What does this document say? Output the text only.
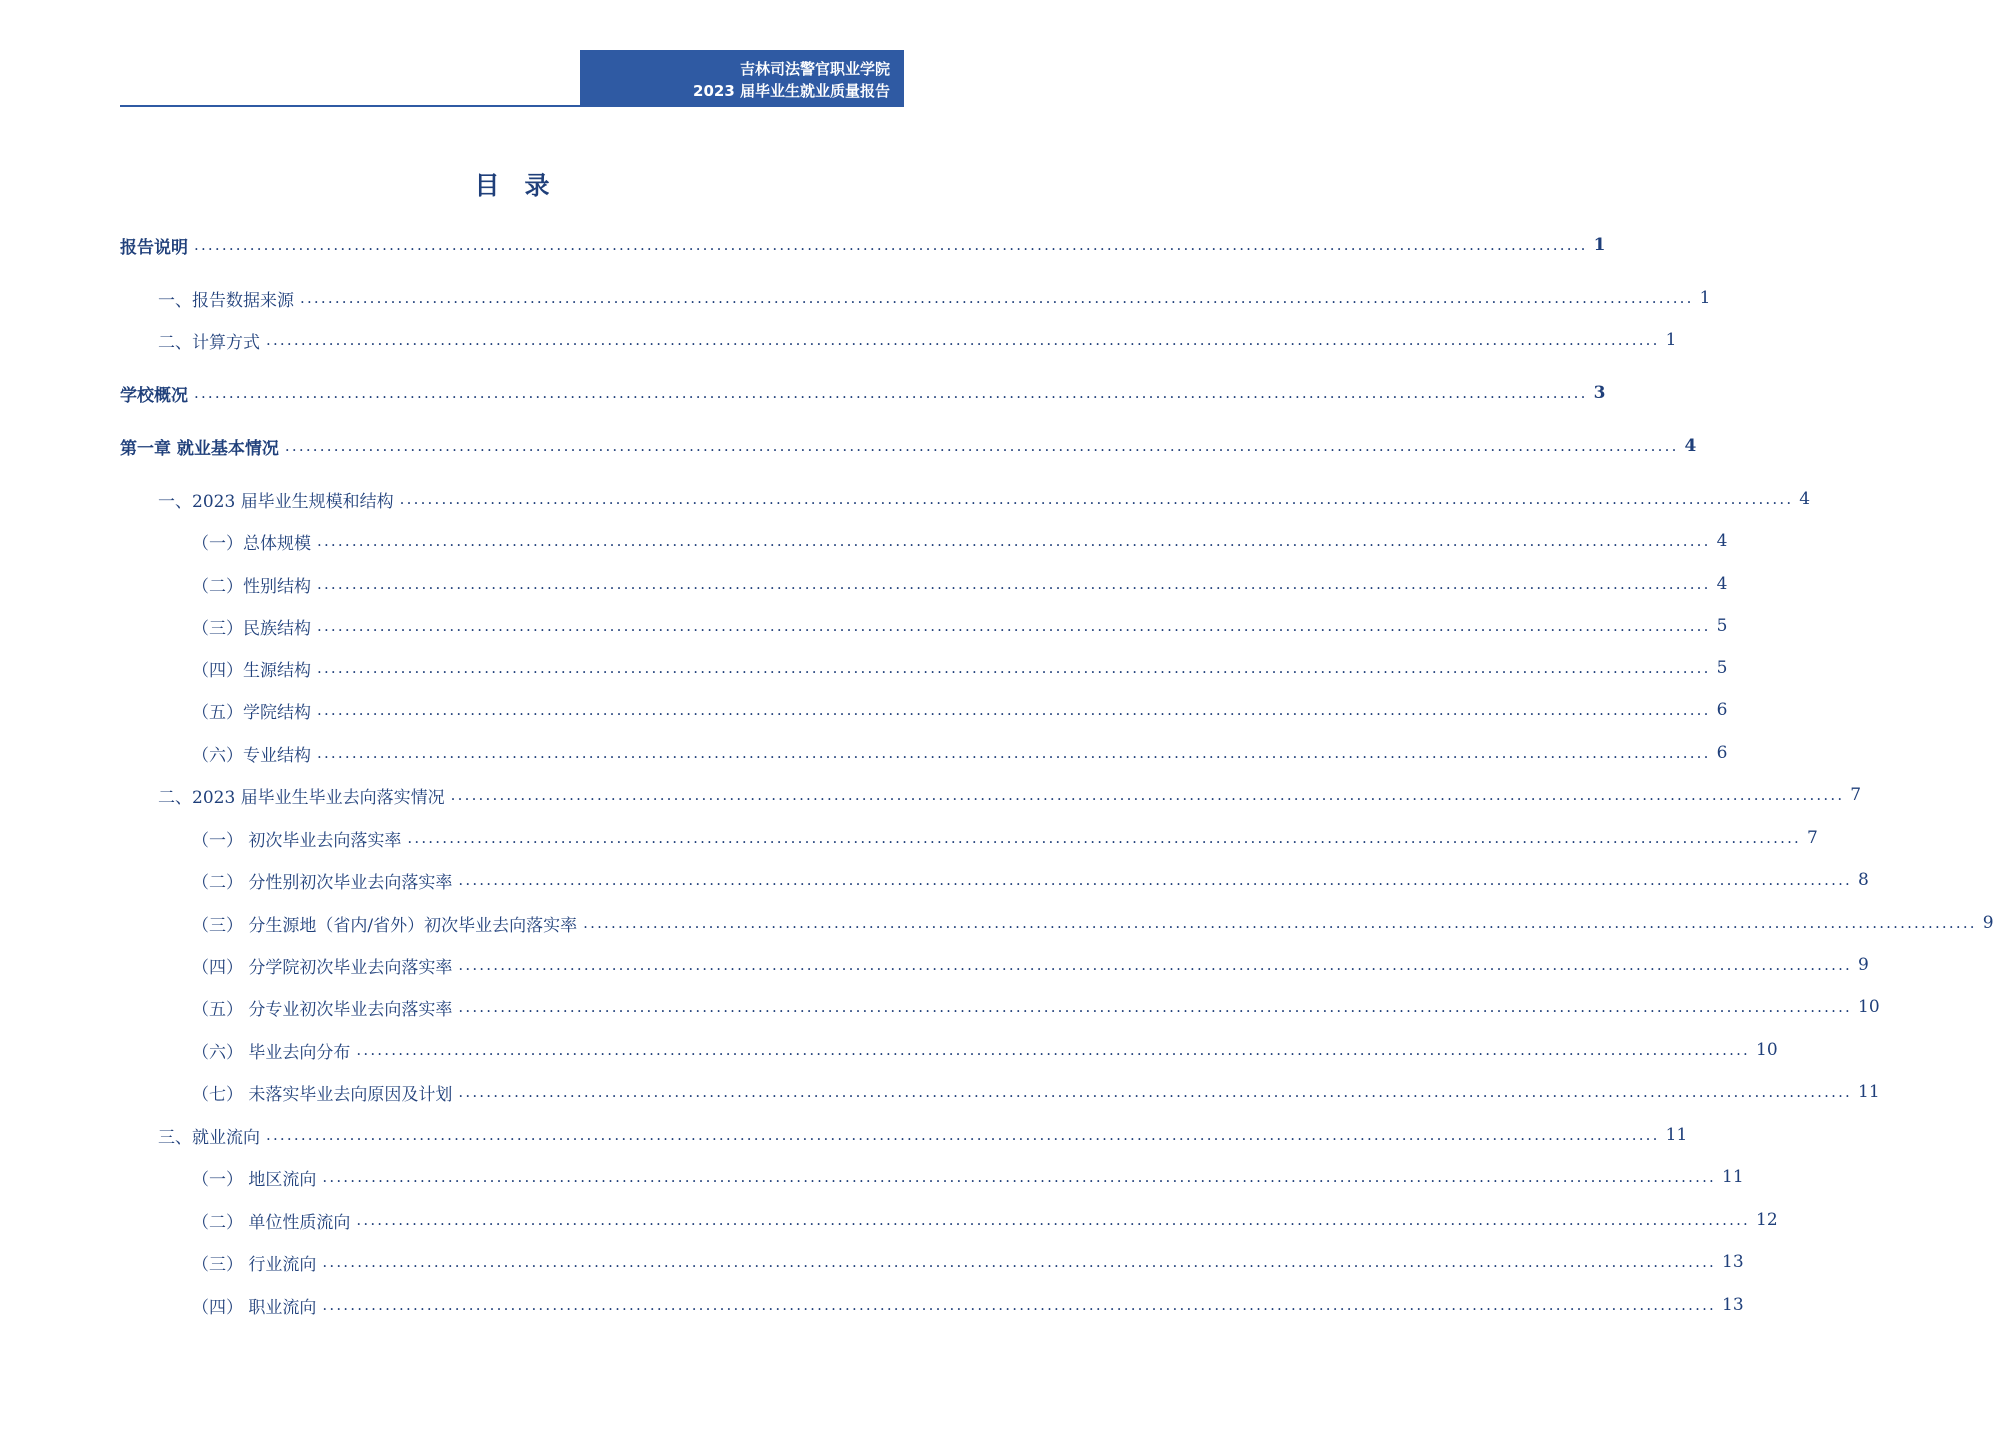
吉林司法警官职业学院
2023 届毕业生就业质量报告
目录
报告说明 ........................................................................................................................................................................................................ 1
一、报告数据来源 ........................................................................................................................................................................................................ 1
二、计算方式 ........................................................................................................................................................................................................ 1
学校概况 ........................................................................................................................................................................................................ 3
第一章 就业基本情况 ........................................................................................................................................................................................................ 4
一、2023 届毕业生规模和结构 ........................................................................................................................................................................................................ 4
（一）总体规模 ........................................................................................................................................................................................................ 4
（二）性别结构 ........................................................................................................................................................................................................ 4
（三）民族结构 ........................................................................................................................................................................................................ 5
（四）生源结构 ........................................................................................................................................................................................................ 5
（五）学院结构 ........................................................................................................................................................................................................ 6
（六）专业结构 ........................................................................................................................................................................................................ 6
二、2023 届毕业生毕业去向落实情况 ........................................................................................................................................................................................................ 7
（一） 初次毕业去向落实率 ........................................................................................................................................................................................................ 7
（二） 分性别初次毕业去向落实率 ........................................................................................................................................................................................................ 8
（三） 分生源地（省内/省外）初次毕业去向落实率 ........................................................................................................................................................................................................ 9
（四） 分学院初次毕业去向落实率 ........................................................................................................................................................................................................ 9
（五） 分专业初次毕业去向落实率 ........................................................................................................................................................................................................ 10
（六） 毕业去向分布 ........................................................................................................................................................................................................ 10
（七） 未落实毕业去向原因及计划 ........................................................................................................................................................................................................ 11
三、就业流向 ........................................................................................................................................................................................................ 11
（一） 地区流向 ........................................................................................................................................................................................................ 11
（二） 单位性质流向 ........................................................................................................................................................................................................ 12
（三） 行业流向 ........................................................................................................................................................................................................ 13
（四） 职业流向 ........................................................................................................................................................................................................ 13
